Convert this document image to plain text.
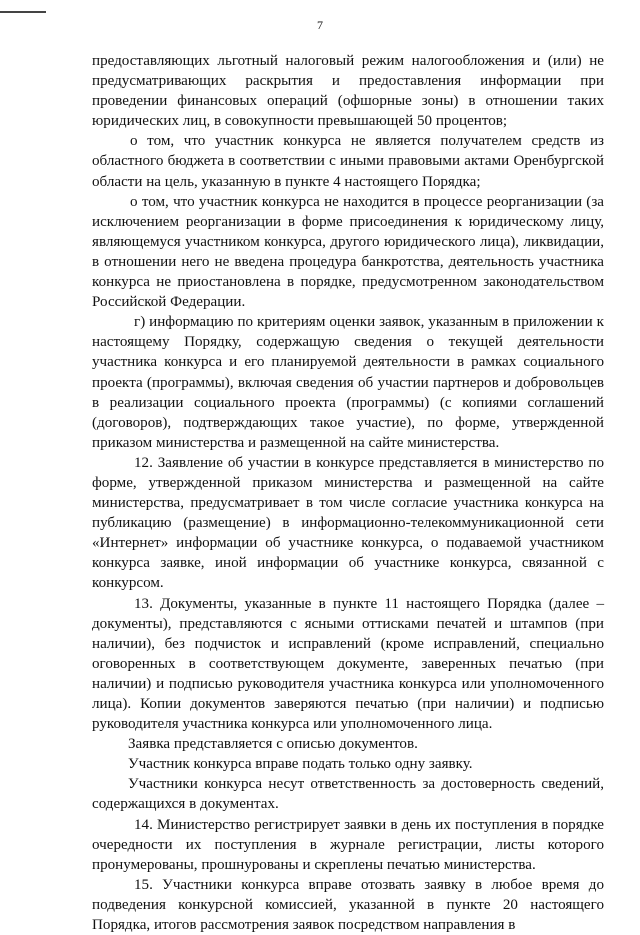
7

предоставляющих льготный налоговый режим налогообложения и (или) не предусматривающих раскрытия и предоставления информации при проведении финансовых операций (офшорные зоны) в отношении таких юридических лиц, в совокупности превышающей 50 процентов;

о том, что участник конкурса не является получателем средств из областного бюджета в соответствии с иными правовыми актами Оренбургской области на цель, указанную в пункте 4 настоящего Порядка;

о том, что участник конкурса не находится в процессе реорганизации (за исключением реорганизации в форме присоединения к юридическому лицу, являющемуся участником конкурса, другого юридического лица), ликвидации, в отношении него не введена процедура банкротства, деятельность участника конкурса не приостановлена в порядке, предусмотренном законодательством Российской Федерации.

г) информацию по критериям оценки заявок, указанным в приложении к настоящему Порядку, содержащую сведения о текущей деятельности участника конкурса и его планируемой деятельности в рамках социального проекта (программы), включая сведения об участии партнеров и добровольцев в реализации социального проекта (программы) (с копиями соглашений (договоров), подтверждающих такое участие), по форме, утвержденной приказом министерства и размещенной на сайте министерства.

12. Заявление об участии в конкурсе представляется в министерство по форме, утвержденной приказом министерства и размещенной на сайте министерства, предусматривает в том числе согласие участника конкурса на публикацию (размещение) в информационно-телекоммуникационной сети «Интернет» информации об участнике конкурса, о подаваемой участником конкурса заявке, иной информации об участнике конкурса, связанной с конкурсом.

13. Документы, указанные в пункте 11 настоящего Порядка (далее – документы), представляются с ясными оттисками печатей и штампов (при наличии), без подчисток и исправлений (кроме исправлений, специально оговоренных в соответствующем документе, заверенных печатью (при наличии) и подписью руководителя участника конкурса или уполномоченного лица). Копии документов заверяются печатью (при наличии) и подписью руководителя участника конкурса или уполномоченного лица.

Заявка представляется с описью документов.

Участник конкурса вправе подать только одну заявку.

Участники конкурса несут ответственность за достоверность сведений, содержащихся в документах.

14. Министерство регистрирует заявки в день их поступления в порядке очередности их поступления в журнале регистрации, листы которого пронумерованы, прошнурованы и скреплены печатью министерства.

15. Участники конкурса вправе отозвать заявку в любое время до подведения конкурсной комиссией, указанной в пункте 20 настоящего Порядка, итогов рассмотрения заявок посредством направления в
